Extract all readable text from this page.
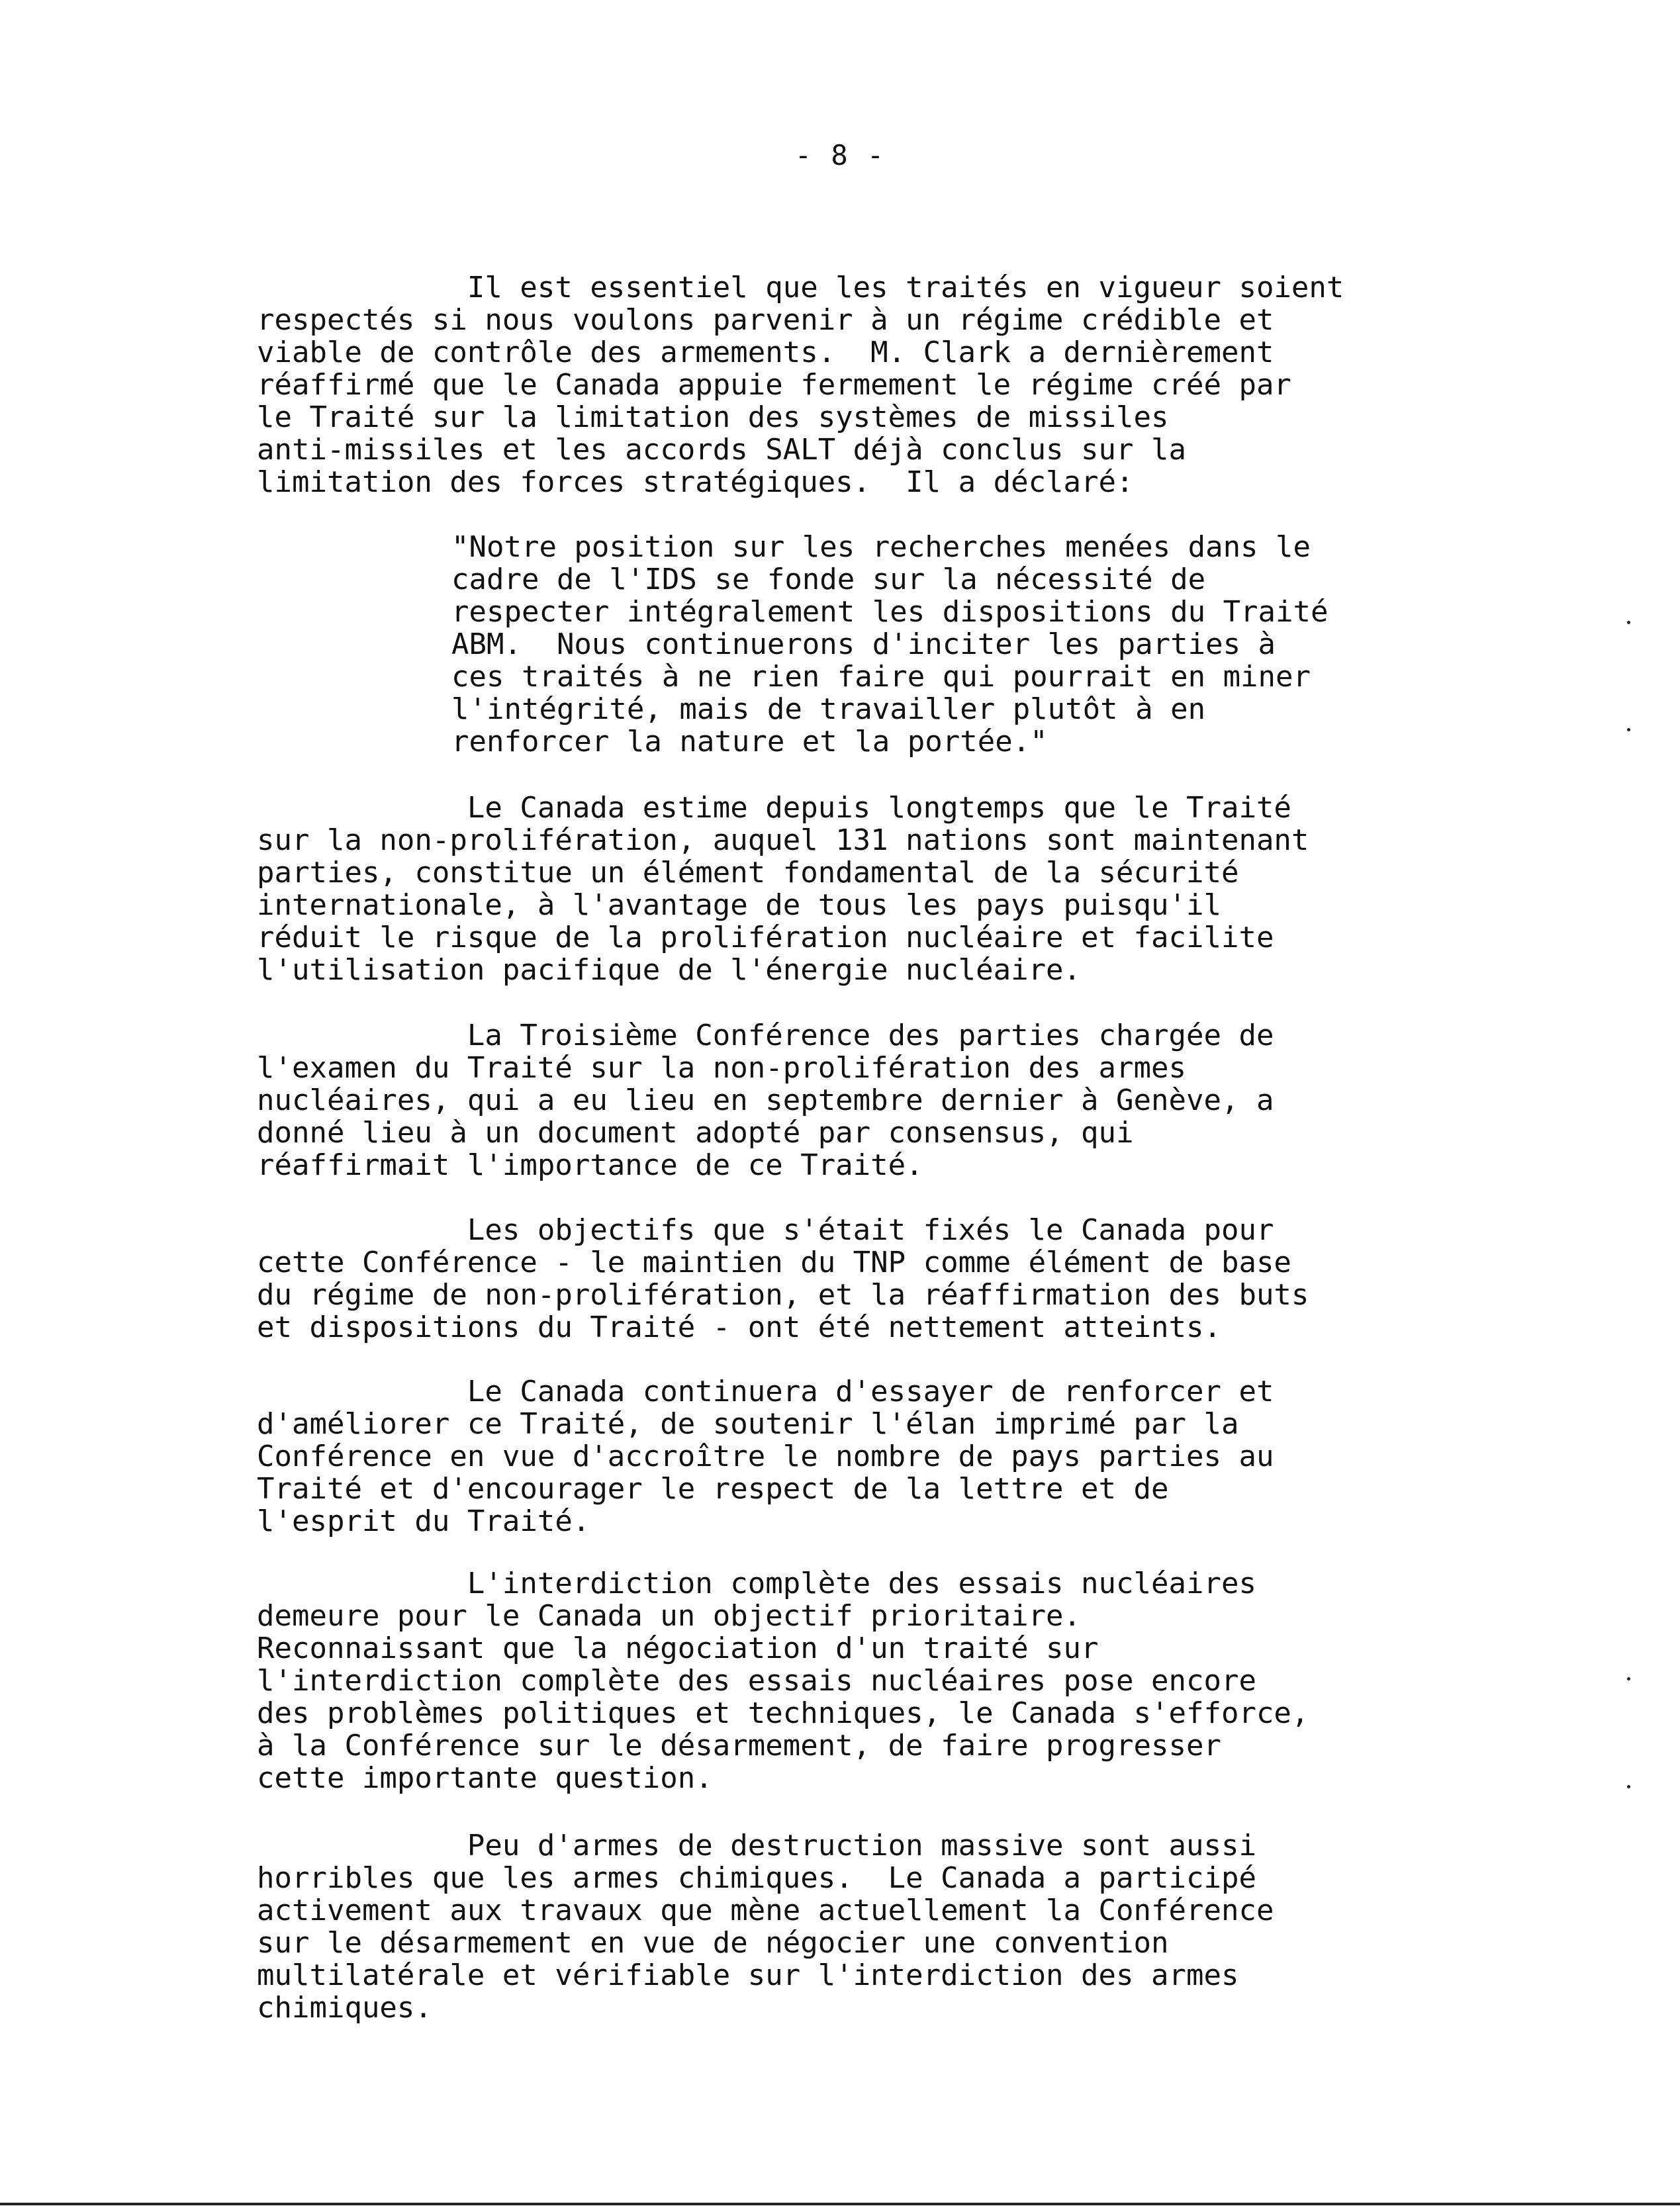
- 8 -

Il est essentiel que les traités en vigueur soient
respectés si nous voulons parvenir à un régime crédible et
viable de contrôle des armements.  M. Clark a dernièrement
réaffirmé que le Canada appuie fermement le régime créé par
le Traité sur la limitation des systèmes de missiles
anti-missiles et les accords SALT déjà conclus sur la
limitation des forces stratégiques.  Il a déclaré:

"Notre position sur les recherches menées dans le
cadre de l'IDS se fonde sur la nécessité de
respecter intégralement les dispositions du Traité
ABM.  Nous continuerons d'inciter les parties à
ces traités à ne rien faire qui pourrait en miner
l'intégrité, mais de travailler plutôt à en
renforcer la nature et la portée."

Le Canada estime depuis longtemps que le Traité
sur la non-prolifération, auquel 131 nations sont maintenant
parties, constitue un élément fondamental de la sécurité
internationale, à l'avantage de tous les pays puisqu'il
réduit le risque de la prolifération nucléaire et facilite
l'utilisation pacifique de l'énergie nucléaire.

La Troisième Conférence des parties chargée de
l'examen du Traité sur la non-prolifération des armes
nucléaires, qui a eu lieu en septembre dernier à Genève, a
donné lieu à un document adopté par consensus, qui
réaffirmait l'importance de ce Traité.

Les objectifs que s'était fixés le Canada pour
cette Conférence - le maintien du TNP comme élément de base
du régime de non-prolifération, et la réaffirmation des buts
et dispositions du Traité - ont été nettement atteints.

Le Canada continuera d'essayer de renforcer et
d'améliorer ce Traité, de soutenir l'élan imprimé par la
Conférence en vue d'accroître le nombre de pays parties au
Traité et d'encourager le respect de la lettre et de
l'esprit du Traité.

L'interdiction complète des essais nucléaires
demeure pour le Canada un objectif prioritaire.
Reconnaissant que la négociation d'un traité sur
l'interdiction complète des essais nucléaires pose encore
des problèmes politiques et techniques, le Canada s'efforce,
à la Conférence sur le désarmement, de faire progresser
cette importante question.

Peu d'armes de destruction massive sont aussi
horribles que les armes chimiques.  Le Canada a participé
activement aux travaux que mène actuellement la Conférence
sur le désarmement en vue de négocier une convention
multilatérale et vérifiable sur l'interdiction des armes
chimiques.
